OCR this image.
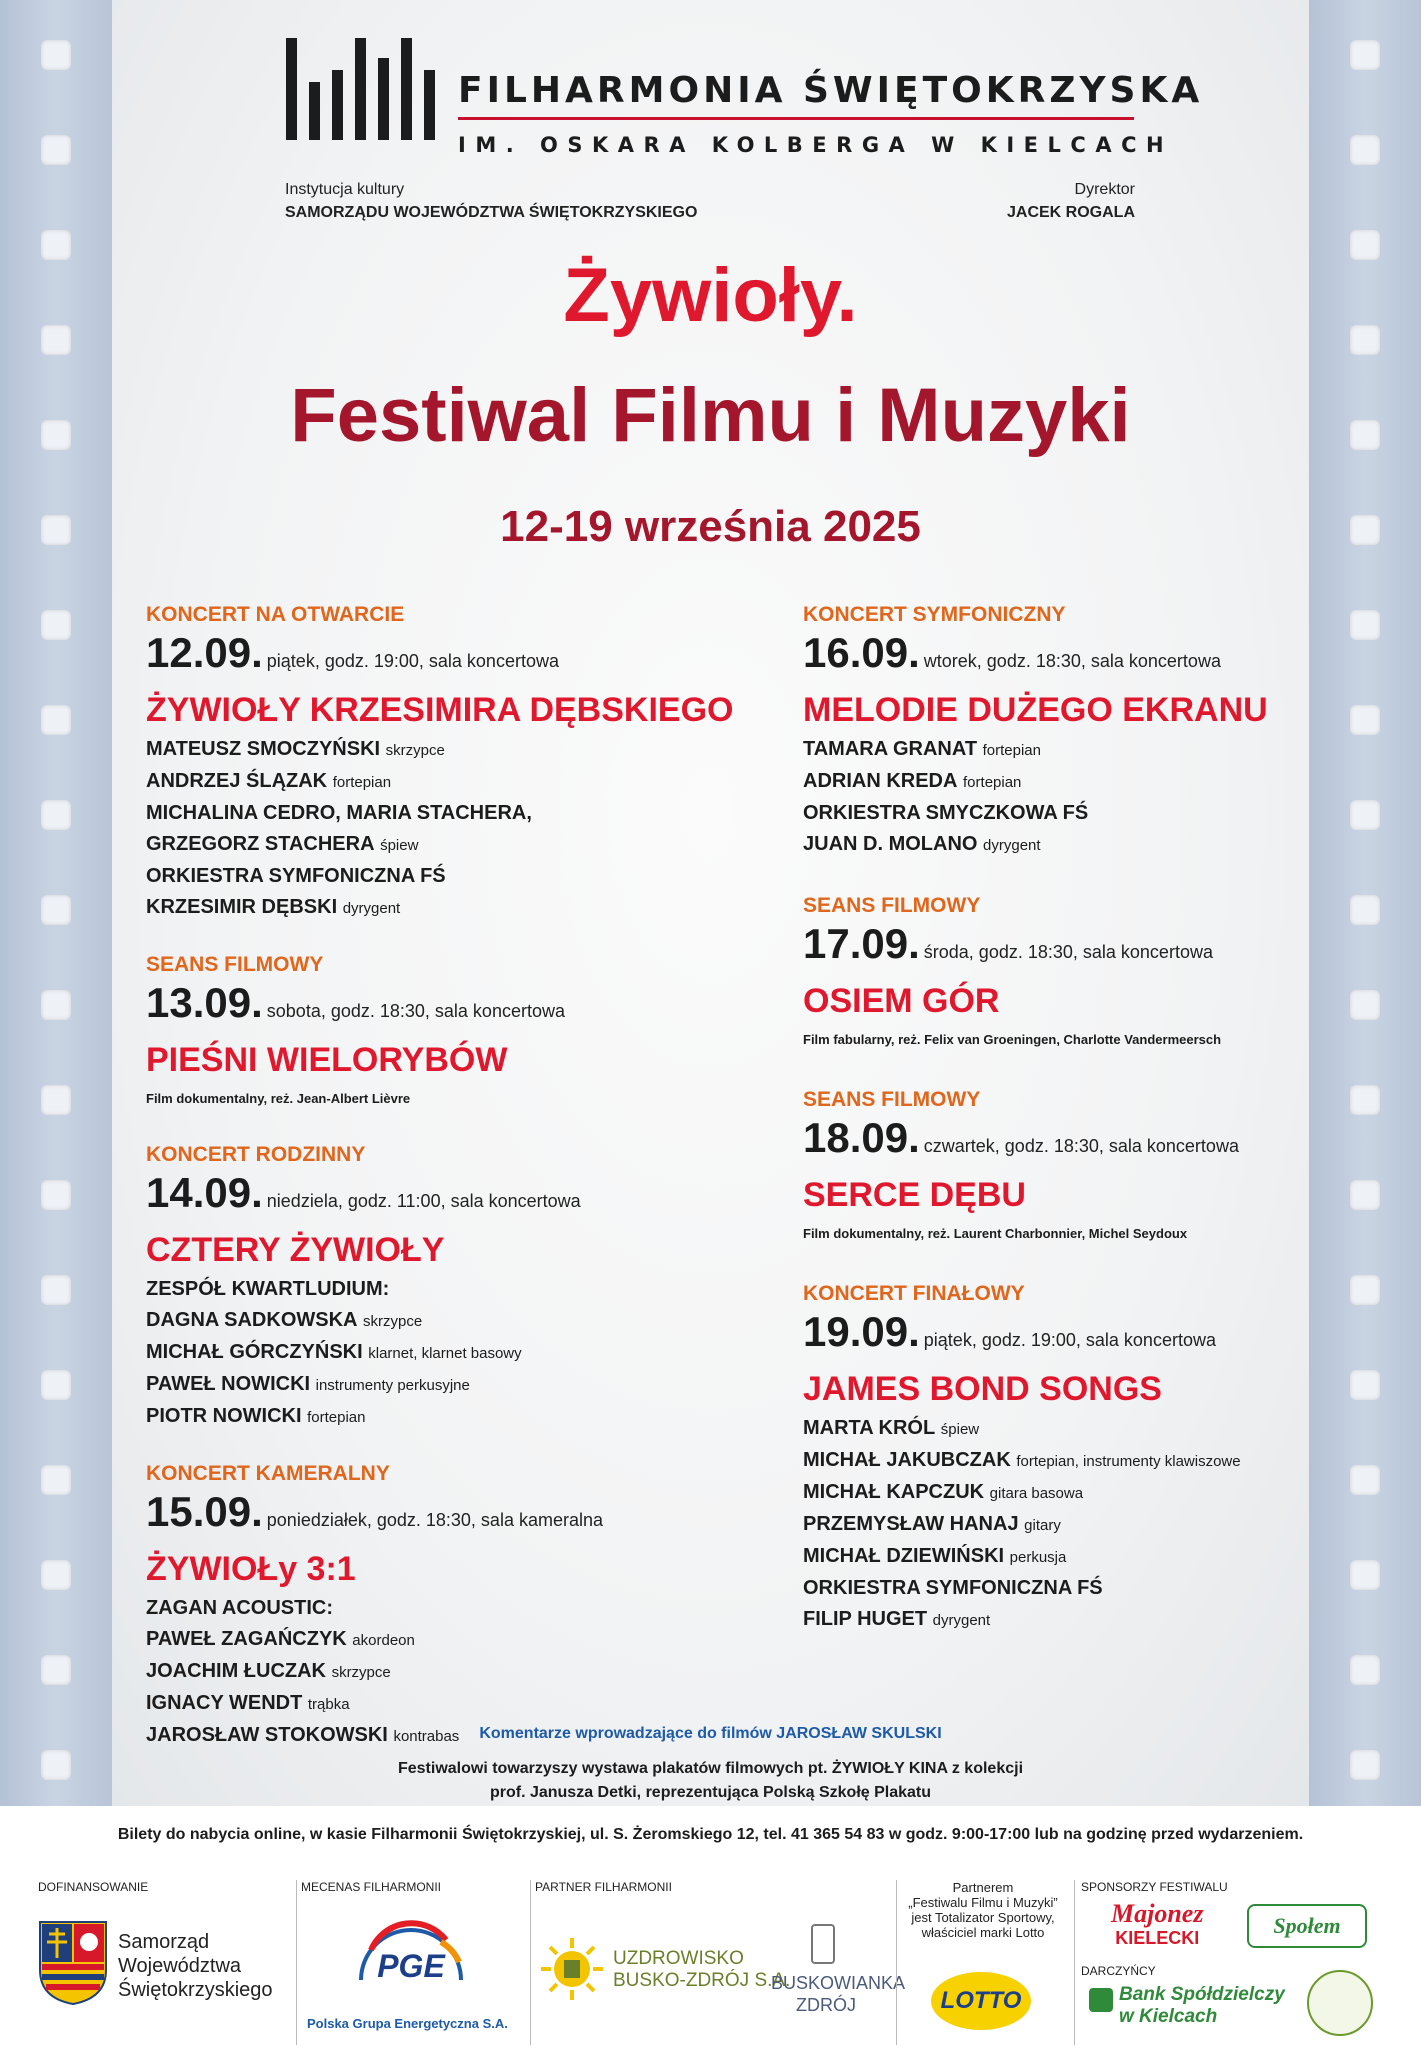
FILHARMONIA ŚWIĘTOKRZYSKA
IM. OSKARA KOLBERGA W KIELCACH
Instytucja kultury
SAMORZĄDU WOJEWÓDZTWA ŚWIĘTOKRZYSKIEGO
Dyrektor
JACEK ROGALA
Żywioły.
Festiwal Filmu i Muzyki
12-19 września 2025
KONCERT NA OTWARCIE
12.09. piątek, godz. 19:00, sala koncertowa
ŻYWIOŁY KRZESIMIRA DĘBSKIEGO
MATEUSZ SMOCZYŃSKI skrzypce
ANDRZEJ ŚLĄZAK fortepian
MICHALINA CEDRO, MARIA STACHERA,
GRZEGORZ STACHERA śpiew
ORKIESTRA SYMFONICZNA FŚ
KRZESIMIR DĘBSKI dyrygent
SEANS FILMOWY
13.09. sobota, godz. 18:30, sala koncertowa
PIEŚNI WIELORYBÓW
Film dokumentalny, reż. Jean-Albert Lièvre
KONCERT RODZINNY
14.09. niedziela, godz. 11:00, sala koncertowa
CZTERY ŻYWIOŁY
ZESPÓŁ KWARTLUDIUM:
DAGNA SADKOWSKA skrzypce
MICHAŁ GÓRCZYŃSKI klarnet, klarnet basowy
PAWEŁ NOWICKI instrumenty perkusyjne
PIOTR NOWICKI fortepian
KONCERT KAMERALNY
15.09. poniedziałek, godz. 18:30, sala kameralna
ŻYWIOŁy 3:1
ZAGAN ACOUSTIC:
PAWEŁ ZAGAŃCZYK akordeon
JOACHIM ŁUCZAK skrzypce
IGNACY WENDT trąbka
JAROSŁAW STOKOWSKI kontrabas
KONCERT SYMFONICZNY
16.09. wtorek, godz. 18:30, sala koncertowa
MELODIE DUŻEGO EKRANU
TAMARA GRANAT fortepian
ADRIAN KREDA fortepian
ORKIESTRA SMYCZKOWA FŚ
JUAN D. MOLANO dyrygent
SEANS FILMOWY
17.09. środa, godz. 18:30, sala koncertowa
OSIEM GÓR
Film fabularny, reż. Felix van Groeningen, Charlotte Vandermeersch
SEANS FILMOWY
18.09. czwartek, godz. 18:30, sala koncertowa
SERCE DĘBU
Film dokumentalny, reż. Laurent Charbonnier, Michel Seydoux
KONCERT FINAŁOWY
19.09. piątek, godz. 19:00, sala koncertowa
JAMES BOND SONGS
MARTA KRÓL śpiew
MICHAŁ JAKUBCZAK fortepian, instrumenty klawiszowe
MICHAŁ KAPCZUK gitara basowa
PRZEMYSŁAW HANAJ gitary
MICHAŁ DZIEWIŃSKI perkusja
ORKIESTRA SYMFONICZNA FŚ
FILIP HUGET dyrygent
Komentarze wprowadzające do filmów JAROSŁAW SKULSKI
Festiwalowi towarzyszy wystawa plakatów filmowych pt. ŻYWIOŁY KINA z kolekcji
prof. Janusza Detki, reprezentująca Polską Szkołę Plakatu
Bilety do nabycia online, w kasie Filharmonii Świętokrzyskiej, ul. S. Żeromskiego 12, tel. 41 365 54 83 w godz. 9:00-17:00 lub na godzinę przed wydarzeniem.
DOFINANSOWANIE
Samorząd
Województwa
Świętokrzyskiego
MECENAS FILHARMONII
PGE
Polska Grupa Energetyczna S.A.
PARTNER FILHARMONII
UZDROWISKO
BUSKO-ZDRÓJ S.A.
BUSKOWIANKA
ZDRÓJ
Partnerem
„Festiwalu Filmu i Muzyki”
jest Totalizator Sportowy,
właściciel marki Lotto
LOTTO
SPONSORZY FESTIWALU
Majonez
KIELECKI	Społem
DARCZYŃCY
Bank Spółdzielczy
w Kielcach
